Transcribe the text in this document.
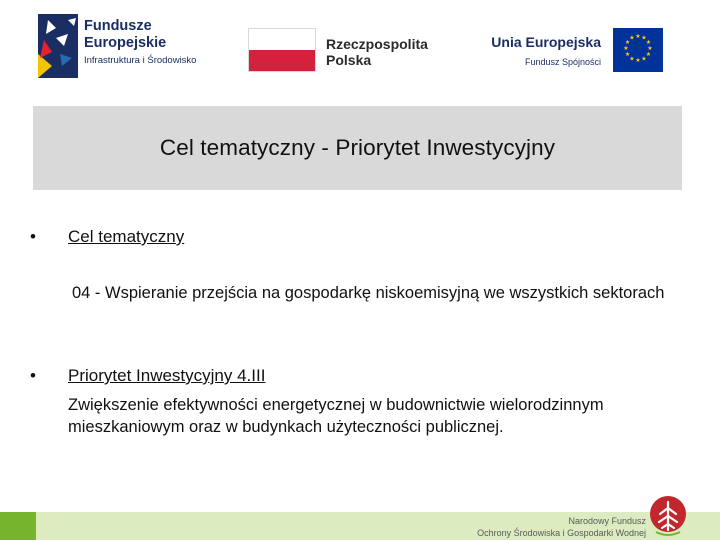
Fundusze
Europejskie
Infrastruktura i Środowisko
Rzeczpospolita
Polska
Unia Europejska
Fundusz Spójności
★ ★
★
★
★
★
★
★
★
★
★
★
Cel tematyczny - Priorytet Inwestycyjny
• Cel tematyczny

04 - Wspieranie przejścia na gospodarkę niskoemisyjną we wszystkich sektorach

• Priorytet Inwestycyjny 4.III

Zwiększenie efektywności energetycznej w budownictwie wielorodzinnym mieszkaniowym oraz w budynkach użyteczności publicznej.

Narodowy Fundusz
Ochrony Środowiska i Gospodarki Wodnej
